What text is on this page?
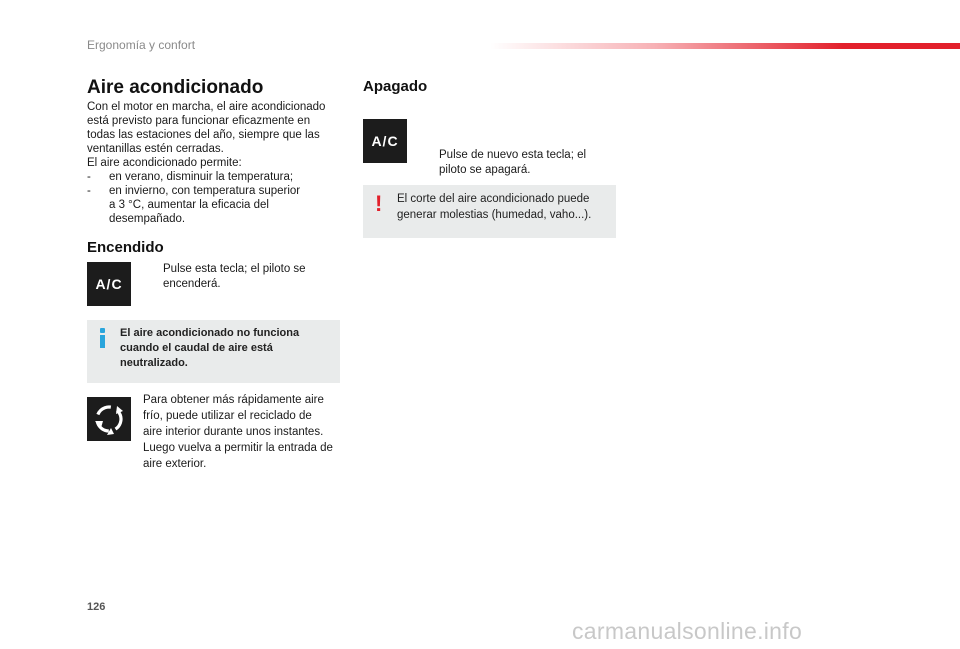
Ergonomía y confort
Aire acondicionado
Con el motor en marcha, el aire acondicionado
está previsto para funcionar eficazmente en
todas las estaciones del año, siempre que las
ventanillas estén cerradas.
El aire acondicionado permite:
- en verano, disminuir la temperatura;
- en invierno, con temperatura superior
a 3 °C, aumentar la eficacia del
desempañado.
Encendido
A/C
Pulse esta tecla; el piloto se
encenderá.
El aire acondicionado no funciona
cuando el caudal de aire está
neutralizado.
Para obtener más rápidamente aire
frío, puede utilizar el reciclado de
aire interior durante unos instantes.
Luego vuelva a permitir la entrada de
aire exterior.
Apagado
A/C
Pulse de nuevo esta tecla; el
piloto se apagará.
! El corte del aire acondicionado puede
generar molestias (humedad, vaho...).
126
carmanualsonline.info
